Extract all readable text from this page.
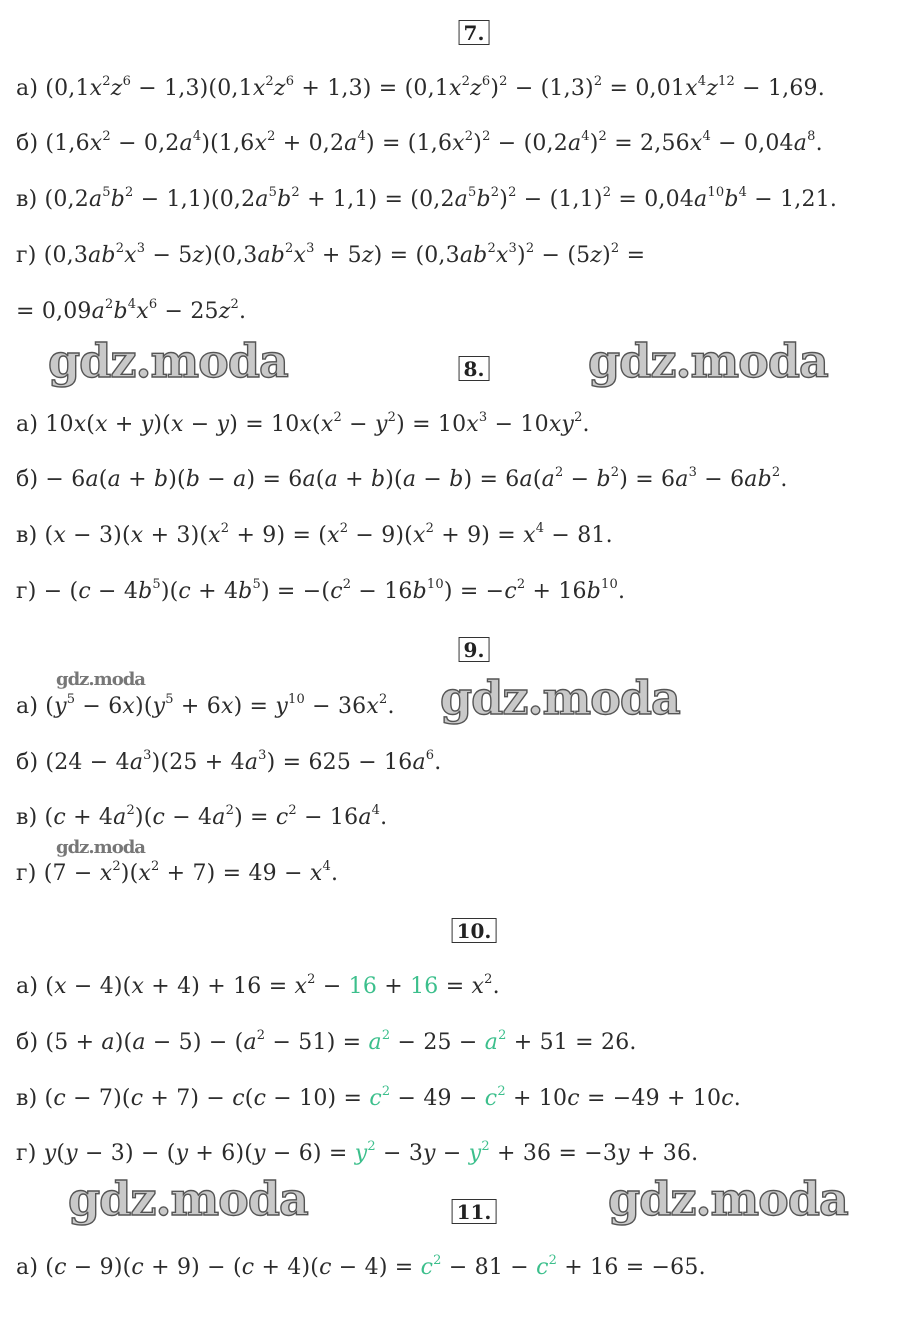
7.
а) $(0,1x^2z^6 - 1,3)(0,1x^2z^6 + 1,3) = (0,1x^2z^6)^2 - (1,3)^2 = 0,01x^4z^{12} - 1,69$.
б) $(1,6x^2 - 0,2a^4)(1,6x^2 + 0,2a^4) = (1,6x^2)^2 - (0,2a^4)^2 = 2,56x^4 - 0,04a^8$.
в) $(0,2a^5b^2 - 1,1)(0,2a^5b^2 + 1,1) = (0,2a^5b^2)^2 - (1,1)^2 = 0,04a^{10}b^4 - 1,21$.
г) $(0,3ab^2x^3 - 5z)(0,3ab^2x^3 + 5z) = (0,3ab^2x^3)^2 - (5z)^2$ =
= $0,09a^2b^4x^6 - 25z^2$.
gdz.moda	8. gdz.moda
а) $10x(x + y)(x - y) = 10x(x^2 - y^2) = 10x^3 - 10xy^2$.
$б) - 6a(a + b)(b - a) = 6a(a + b)(a - b) = 6a(a^2 - b^2) = 6a^3 - 6ab^2$.
в) $(x - 3)(x + 3)(x^2 + 9) = (x^2 - 9)(x^2 + 9) = x^4 - 81$.
$г) - (c - 4b^5)(c + 4b^5) = -(c^2 - 16b^{10}) = -c^2 + 16b^{10}$.
9.
gdz.moda
а) $(y^5 - 6x)(y^5 + 6x) = y^{10} - 36x^2$. gdz.moda
б) $(24 - 4a^3)(25 + 4a^3) = 625 - 16a^6$.
в) $(c + 4a^2)(c - 4a^2) = c^2 - 16a^4$.
gdz.moda
г) $(7 - x^2)(x^2 + 7) = 49 - x^4$.
10.
а) $(x - 4)(x + 4) + 16 = x^2 - 16 + 16 = x^2$.
б) $(5 + a)(a - 5) - (a^2 - 51) = a^2 - 25 - a^2 + 51 = 26$.
в) $(c - 7)(c + 7) - c(c - 10) = c^2 - 49 - c^2 + 10c = -49 + 10c$.
г) $y(y - 3) - (y + 6)(y - 6) = y^2 - 3y - y^2 + 36 = -3y + 36$.
gdz.moda	11.	gdz.moda
а) $(c - 9)(c + 9) - (c + 4)(c - 4) = c^2 - 81 - c^2 + 16 = -65$.
